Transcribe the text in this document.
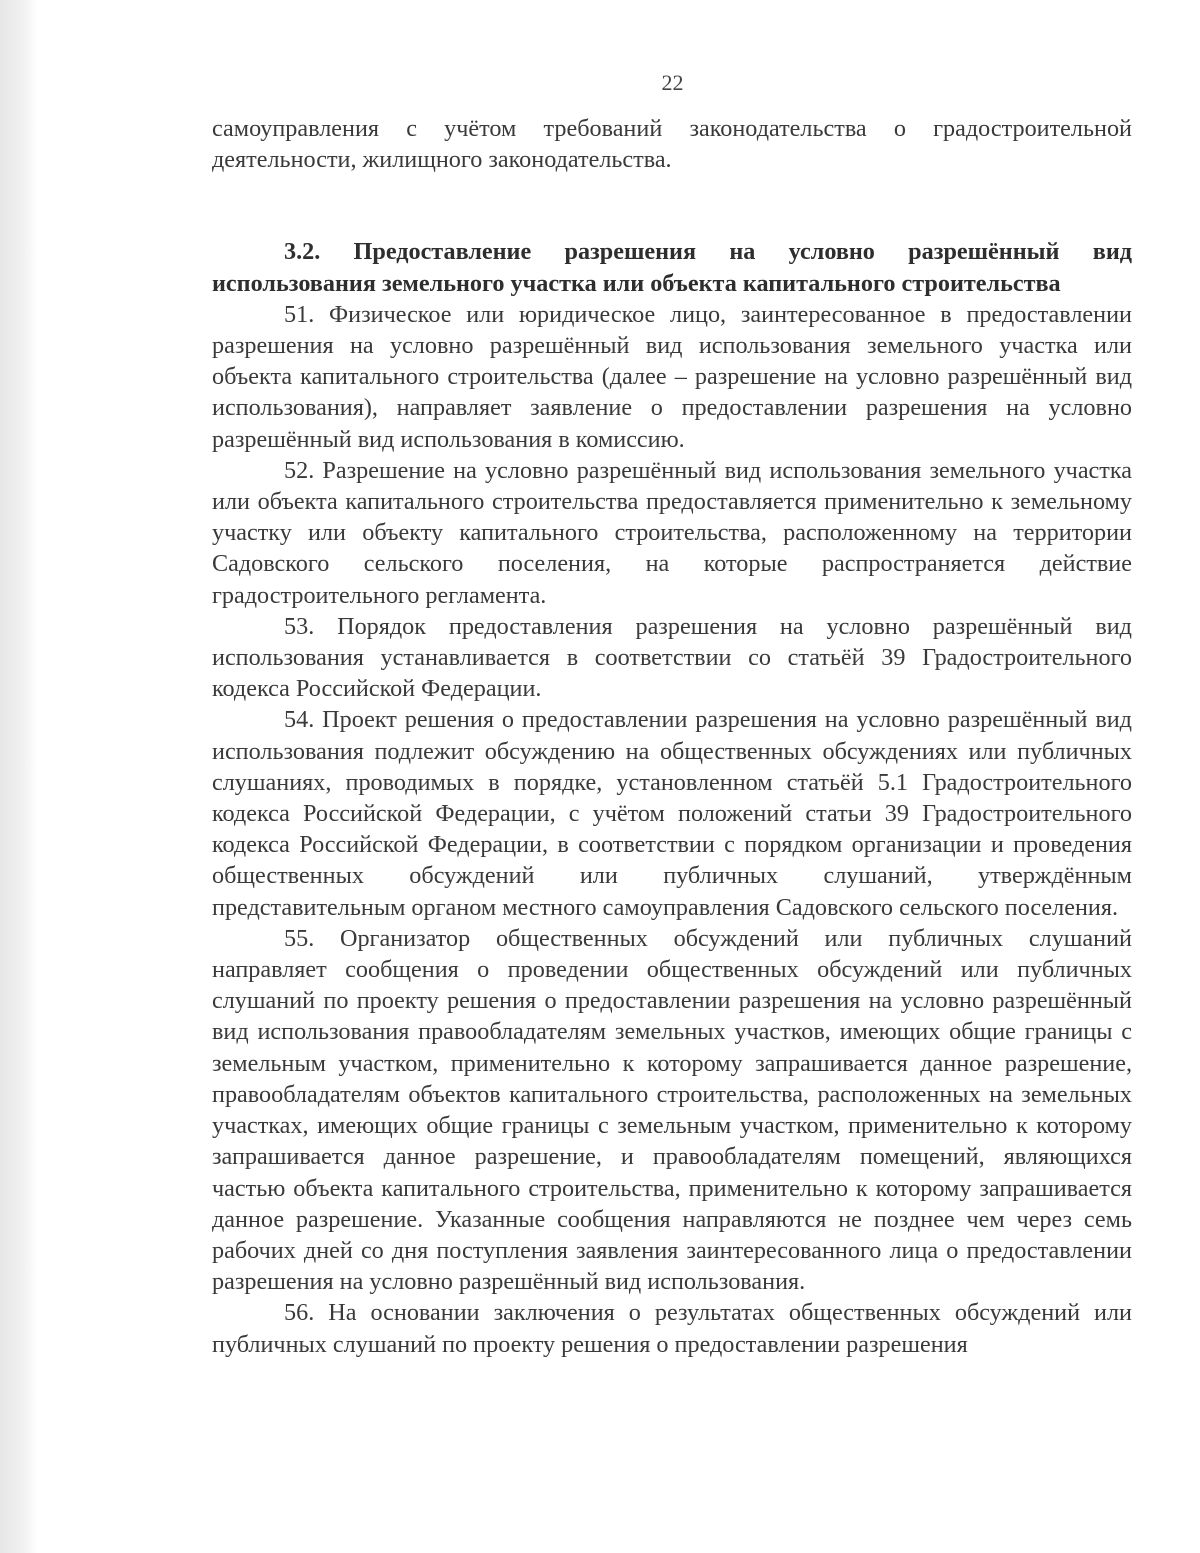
22

самоуправления с учётом требований законодательства о градостроительной деятельности, жилищного законодательства.

3.2. Предоставление разрешения на условно разрешённый вид использования земельного участка или объекта капитального строительства

51. Физическое или юридическое лицо, заинтересованное в предоставлении разрешения на условно разрешённый вид использования земельного участка или объекта капитального строительства (далее – разрешение на условно разрешённый вид использования), направляет заявление о предоставлении разрешения на условно разрешённый вид использования в комиссию.

52. Разрешение на условно разрешённый вид использования земельного участка или объекта капитального строительства предоставляется применительно к земельному участку или объекту капитального строительства, расположенному на территории Садовского сельского поселения, на которые распространяется действие градостроительного регламента.

53. Порядок предоставления разрешения на условно разрешённый вид использования устанавливается в соответствии со статьёй 39 Градостроительного кодекса Российской Федерации.

54. Проект решения о предоставлении разрешения на условно разрешённый вид использования подлежит обсуждению на общественных обсуждениях или публичных слушаниях, проводимых в порядке, установленном статьёй 5.1 Градостроительного кодекса Российской Федерации, с учётом положений статьи 39 Градостроительного кодекса Российской Федерации, в соответствии с порядком организации и проведения общественных обсуждений или публичных слушаний, утверждённым представительным органом местного самоуправления Садовского сельского поселения.

55. Организатор общественных обсуждений или публичных слушаний направляет сообщения о проведении общественных обсуждений или публичных слушаний по проекту решения о предоставлении разрешения на условно разрешённый вид использования правообладателям земельных участков, имеющих общие границы с земельным участком, применительно к которому запрашивается данное разрешение, правообладателям объектов капитального строительства, расположенных на земельных участках, имеющих общие границы с земельным участком, применительно к которому запрашивается данное разрешение, и правообладателям помещений, являющихся частью объекта капитального строительства, применительно к которому запрашивается данное разрешение. Указанные сообщения направляются не позднее чем через семь рабочих дней со дня поступления заявления заинтересованного лица о предоставлении разрешения на условно разрешённый вид использования.

56. На основании заключения о результатах общественных обсуждений или публичных слушаний по проекту решения о предоставлении разрешения
